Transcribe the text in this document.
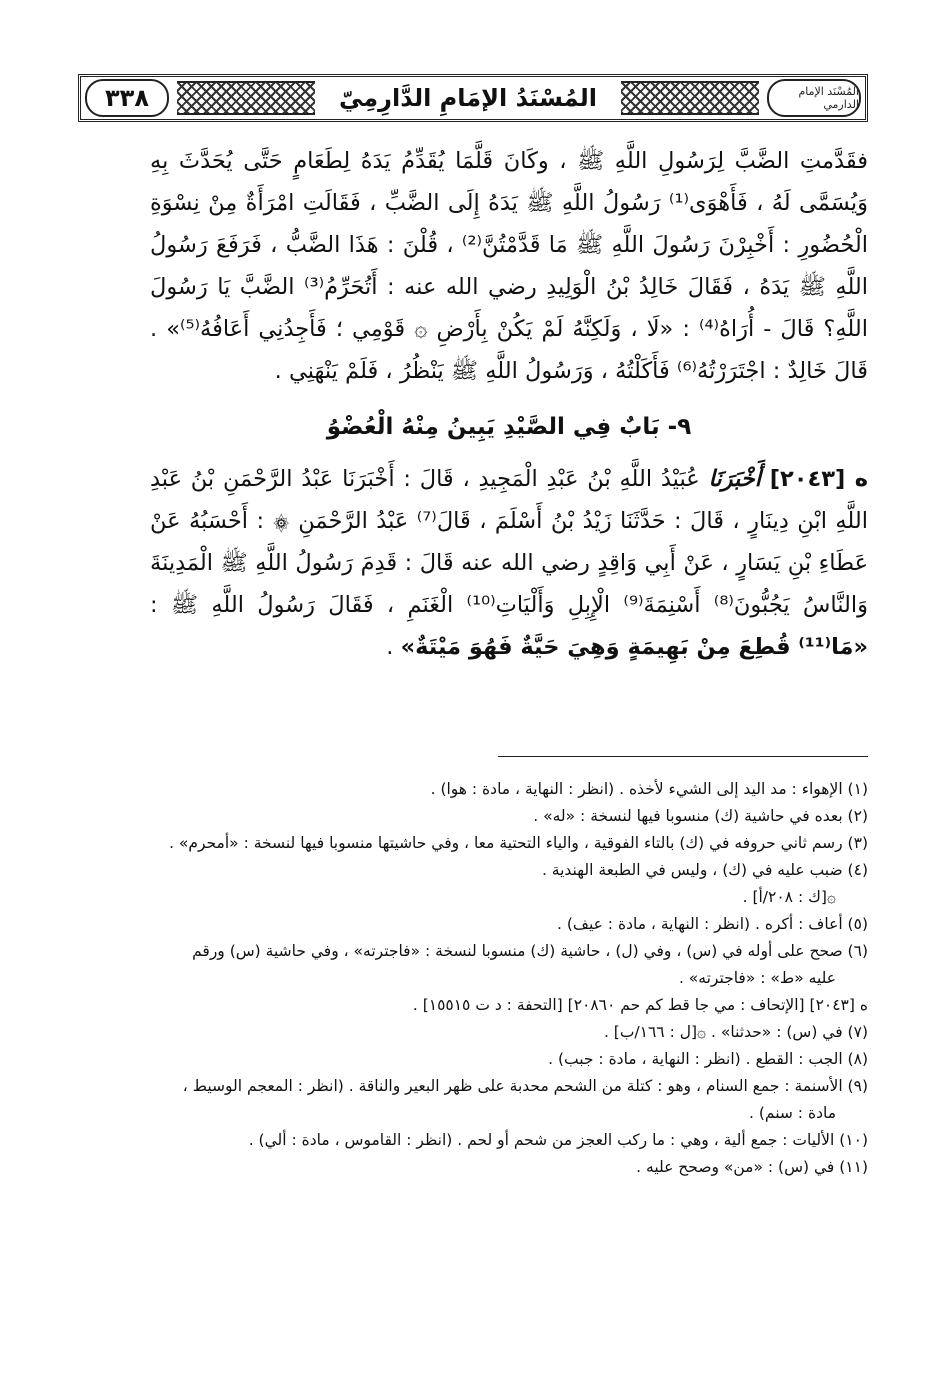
٣٣٨	المُسْنَدُ الإمَامِ الدَّارِمِيّ	المُسْنَد الإمام الدارمي

فقَدَّمتِ الضَّبَّ لِرَسُولِ اللَّهِ ﷺ ، وكَانَ قَلَّمَا يُقَدِّمُ يَدَهُ لِطَعَامٍ حَتَّى يُحَدَّثَ بِهِ وَيُسَمَّى لَهُ ، فَأَهْوَى⁽¹⁾ رَسُولُ اللَّهِ ﷺ يَدَهُ إِلَى الضَّبِّ ، فَقَالَتِ امْرَأَةٌ مِنْ نِسْوَةِ الْحُضُورِ : أَخْبِرْنَ رَسُولَ اللَّهِ ﷺ مَا قَدَّمْتُنَّ⁽²⁾ ، قُلْنَ : هَذَا الضَّبُّ ، فَرَفَعَ رَسُولُ اللَّهِ ﷺ يَدَهُ ، فَقَالَ خَالِدُ بْنُ الْوَلِيدِ رضي الله عنه : أَتُحَرِّمُ⁽³⁾ الضَّبَّ يَا رَسُولَ اللَّهِ؟ قَالَ - أُرَاهُ⁽⁴⁾ : «لَا ، وَلَكِنَّهُ لَمْ يَكُنْ بِأَرْضِ ۞ قَوْمِي ؛ فَأَجِدُنِي أَعَافُهُ⁽⁵⁾» . قَالَ خَالِدٌ : اجْتَرَرْتُهُ⁽⁶⁾ فَأَكَلْتُهُ ، وَرَسُولُ اللَّهِ ﷺ يَنْظُرُ ، فَلَمْ يَنْهَنِي .

٩- بَابٌ فِي الصَّيْدِ يَبِينُ مِنْهُ الْعُضْوُ

ه [٢٠٤٣] أَخْبَرَنَا عُبَيْدُ اللَّهِ بْنُ عَبْدِ الْمَجِيدِ ، قَالَ : أَخْبَرَنَا عَبْدُ الرَّحْمَنِ بْنُ عَبْدِ اللَّهِ ابْنِ دِينَارٍ ، قَالَ : حَدَّثَنَا زَيْدُ بْنُ أَسْلَمَ ، قَالَ⁽⁷⁾ عَبْدُ الرَّحْمَنِ ۞ : أَحْسَبُهُ عَنْ عَطَاءِ بْنِ يَسَارٍ ، عَنْ أَبِي وَاقِدٍ رضي الله عنه قَالَ : قَدِمَ رَسُولُ اللَّهِ ﷺ الْمَدِينَةَ وَالنَّاسُ يَجُبُّونَ⁽⁸⁾ أَسْنِمَةَ⁽⁹⁾ الْإِبِلِ وَأَلْيَاتِ⁽¹⁰⁾ الْغَنَمِ ، فَقَالَ رَسُولُ اللَّهِ ﷺ : «مَا⁽¹¹⁾ قُطِعَ مِنْ بَهِيمَةٍ وَهِيَ حَيَّةٌ فَهُوَ مَيْتَةٌ» .

(١) الإهواء : مد اليد إلى الشيء لأخذه . (انظر : النهاية ، مادة : هوا) .

(٢) بعده في حاشية (ك) منسوبا فيها لنسخة : «له» .

(٣) رسم ثاني حروفه في (ك) بالتاء الفوقية ، والياء التحتية معا ، وفي حاشيتها منسوبا فيها لنسخة : «أمحرم» .

(٤) ضبب عليه في (ك) ، وليس في الطبعة الهندية .

۞[ك : ٢٠٨/أ] .

(٥) أعاف : أكره . (انظر : النهاية ، مادة : عيف) .

(٦) صحح على أوله في (س) ، وفي (ل) ، حاشية (ك) منسوبا لنسخة : «فاجترته» ، وفي حاشية (س) ورقم

عليه «ط» : «فاجترته» .

ه [٢٠٤٣] [الإتحاف : مي جا قط كم حم ٢٠٨٦٠] [التحفة : د ت ١٥٥١٥] .

(٧) في (س) : «حدثنا» . ۞[ل : ١٦٦/ب] .

(٨) الجب : القطع . (انظر : النهاية ، مادة : جبب) .

(٩) الأسنمة : جمع السنام ، وهو : كتلة من الشحم محدبة على ظهر البعير والناقة . (انظر : المعجم الوسيط ،

مادة : سنم) .

(١٠) الأليات : جمع ألية ، وهي : ما ركب العجز من شحم أو لحم . (انظر : القاموس ، مادة : ألي) .

(١١) في (س) : «من» وصحح عليه .
